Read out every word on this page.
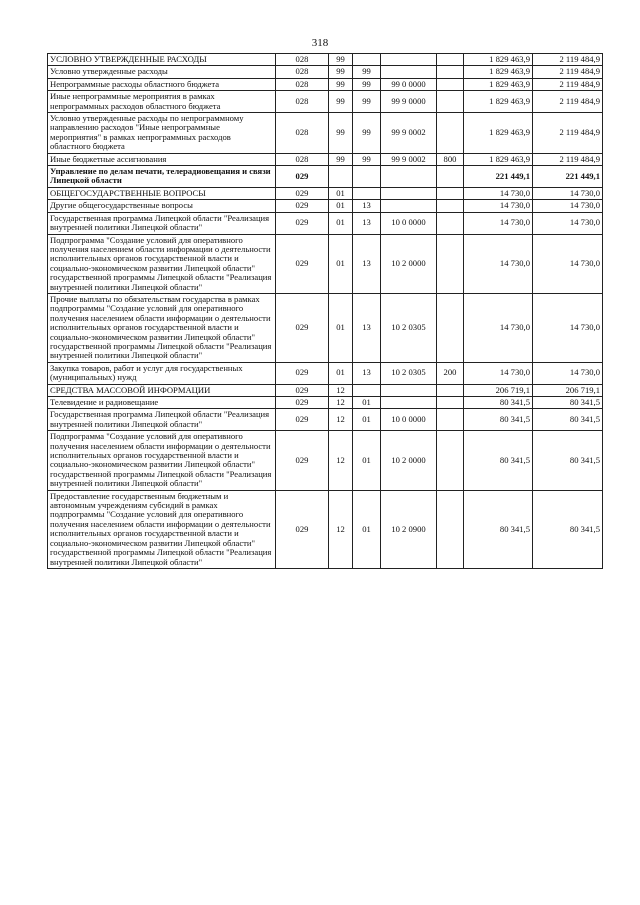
318
УСЛОВНО УТВЕРЖДЕННЫЕ РАСХОДЫ	028	99				1 829 463,9	2 119 484,9
Условно утвержденные расходы	028	99	99			1 829 463,9	2 119 484,9
Непрограммные расходы областного бюджета	028	99	99	99 0 0000		1 829 463,9	2 119 484,9
Иные непрограммные мероприятия в рамках непрограммных расходов областного бюджета	028	99	99	99 9 0000		1 829 463,9	2 119 484,9
Условно утвержденные расходы по непрограммному направлению расходов "Иные непрограммные мероприятия" в рамках непрограммных расходов областного бюджета	028	99	99	99 9 0002		1 829 463,9	2 119 484,9
Иные бюджетные ассигнования	028	99	99	99 9 0002	800	1 829 463,9	2 119 484,9
Управление по делам печати, телерадиовещания и связи Липецкой области	029					221 449,1	221 449,1
ОБЩЕГОСУДАРСТВЕННЫЕ ВОПРОСЫ	029	01				14 730,0	14 730,0
Другие общегосударственные вопросы	029	01	13			14 730,0	14 730,0
Государственная программа Липецкой области "Реализация внутренней политики Липецкой области"	029	01	13	10 0 0000		14 730,0	14 730,0
Подпрограмма "Создание условий для оперативного получения населением области информации о деятельности исполнительных органов государственной власти и социально-экономическом развитии Липецкой области" государственной программы Липецкой области "Реализация внутренней политики Липецкой области"	029	01	13	10 2 0000		14 730,0	14 730,0
Прочие выплаты по обязательствам государства в рамках подпрограммы "Создание условий для оперативного получения населением области информации о деятельности исполнительных органов государственной власти и социально-экономическом развитии Липецкой области" государственной программы Липецкой области "Реализация внутренней политики Липецкой области"	029	01	13	10 2 0305		14 730,0	14 730,0
Закупка товаров, работ и услуг для государственных (муниципальных) нужд	029	01	13	10 2 0305	200	14 730,0	14 730,0
СРЕДСТВА МАССОВОЙ ИНФОРМАЦИИ	029	12				206 719,1	206 719,1
Телевидение и радиовещание	029	12	01			80 341,5	80 341,5
Государственная программа Липецкой области "Реализация внутренней политики Липецкой области"	029	12	01	10 0 0000		80 341,5	80 341,5
Подпрограмма "Создание условий для оперативного получения населением области информации о деятельности исполнительных органов государственной власти и социально-экономическом развитии Липецкой области" государственной программы Липецкой области "Реализация внутренней политики Липецкой области"	029	12	01	10 2 0000		80 341,5	80 341,5
Предоставление государственным бюджетным и автономным учреждениям субсидий в рамках подпрограммы "Создание условий для оперативного получения населением области информации о деятельности исполнительных органов государственной власти и социально-экономическом развитии Липецкой области" государственной программы Липецкой области "Реализация внутренней политики Липецкой области"	029	12	01	10 2 0900		80 341,5	80 341,5
